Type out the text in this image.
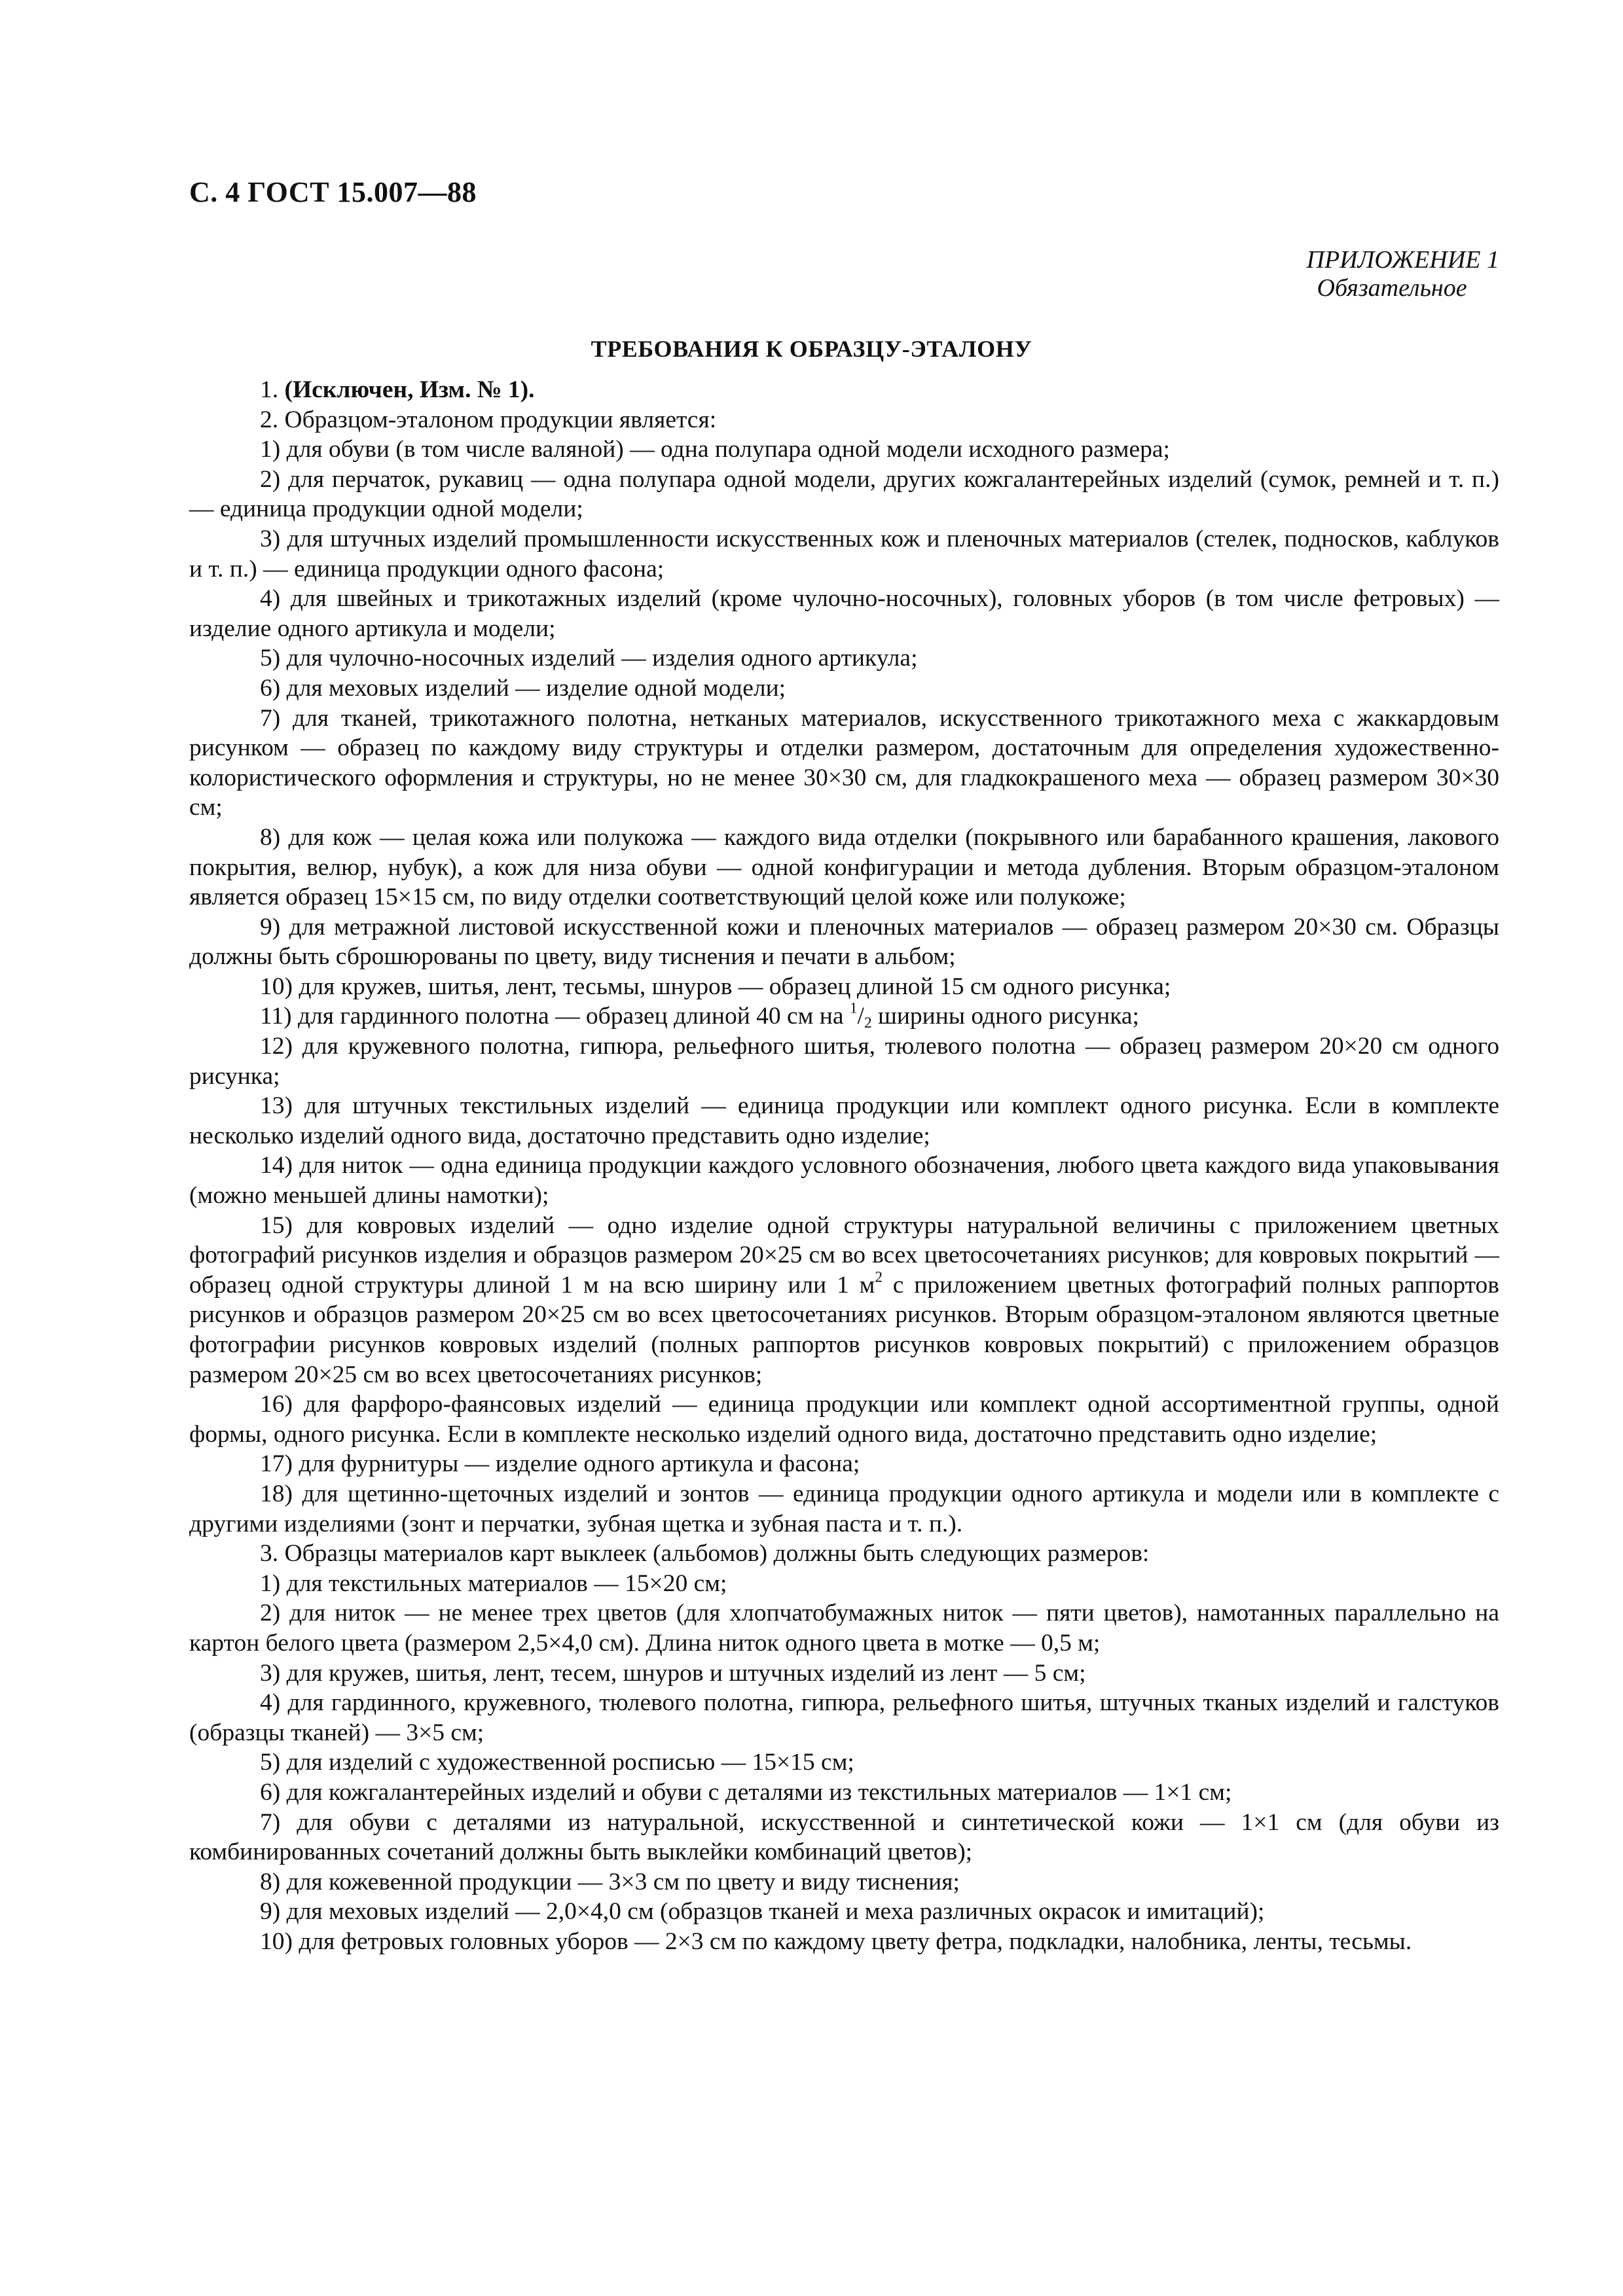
С. 4 ГОСТ 15.007—88
ПРИЛОЖЕНИЕ 1
Обязательное
ТРЕБОВАНИЯ К ОБРАЗЦУ-ЭТАЛОНУ

1. (Исключен, Изм. № 1).

2. Образцом-эталоном продукции является:

1) для обуви (в том числе валяной) — одна полупара одной модели исходного размера;

2) для перчаток, рукавиц — одна полупара одной модели, других кожгалантерейных изделий (сумок, ремней и т. п.) — единица продукции одной модели;

3) для штучных изделий промышленности искусственных кож и пленочных материалов (стелек, подносков, каблуков и т. п.) — единица продукции одного фасона;

4) для швейных и трикотажных изделий (кроме чулочно-носочных), головных уборов (в том числе фетровых) — изделие одного артикула и модели;

5) для чулочно-носочных изделий — изделия одного артикула;

6) для меховых изделий — изделие одной модели;

7) для тканей, трикотажного полотна, нетканых материалов, искусственного трикотажного меха с жаккардовым рисунком — образец по каждому виду структуры и отделки размером, достаточным для определения художественно-колористического оформления и структуры, но не менее 30×30 см, для гладкокрашеного меха — образец размером 30×30 см;

8) для кож — целая кожа или полукожа — каждого вида отделки (покрывного или барабанного крашения, лакового покрытия, велюр, нубук), а кож для низа обуви — одной конфигурации и метода дубления. Вторым образцом-эталоном является образец 15×15 см, по виду отделки соответствующий целой коже или полукоже;

9) для метражной листовой искусственной кожи и пленочных материалов — образец размером 20×30 см. Образцы должны быть сброшюрованы по цвету, виду тиснения и печати в альбом;

10) для кружев, шитья, лент, тесьмы, шнуров — образец длиной 15 см одного рисунка;

11) для гардинного полотна — образец длиной 40 см на $^1/_2$ ширины одного рисунка;

12) для кружевного полотна, гипюра, рельефного шитья, тюлевого полотна — образец размером 20×20 см одного рисунка;

13) для штучных текстильных изделий — единица продукции или комплект одного рисунка. Если в комплекте несколько изделий одного вида, достаточно представить одно изделие;

14) для ниток — одна единица продукции каждого условного обозначения, любого цвета каждого вида упаковывания (можно меньшей длины намотки);

15) для ковровых изделий — одно изделие одной структуры натуральной величины с приложением цветных фотографий рисунков изделия и образцов размером 20×25 см во всех цветосочетаниях рисунков; для ковровых покрытий — образец одной структуры длиной 1 м на всю ширину или 1 $м^2$ с приложением цветных фотографий полных раппортов рисунков и образцов размером 20×25 см во всех цветосочетаниях рисунков. Вторым образцом-эталоном являются цветные фотографии рисунков ковровых изделий (полных раппортов рисунков ковровых покрытий) с приложением образцов размером 20×25 см во всех цветосочетаниях рисунков;

16) для фарфоро-фаянсовых изделий — единица продукции или комплект одной ассортиментной группы, одной формы, одного рисунка. Если в комплекте несколько изделий одного вида, достаточно представить одно изделие;

17) для фурнитуры — изделие одного артикула и фасона;

18) для щетинно-щеточных изделий и зонтов — единица продукции одного артикула и модели или в комплекте с другими изделиями (зонт и перчатки, зубная щетка и зубная паста и т. п.).

3. Образцы материалов карт выклеек (альбомов) должны быть следующих размеров:

1) для текстильных материалов — 15×20 см;

2) для ниток — не менее трех цветов (для хлопчатобумажных ниток — пяти цветов), намотанных параллельно на картон белого цвета (размером 2,5×4,0 см). Длина ниток одного цвета в мотке — 0,5 м;

3) для кружев, шитья, лент, тесем, шнуров и штучных изделий из лент — 5 см;

4) для гардинного, кружевного, тюлевого полотна, гипюра, рельефного шитья, штучных тканых изделий и галстуков (образцы тканей) — 3×5 см;

5) для изделий с художественной росписью — 15×15 см;

6) для кожгалантерейных изделий и обуви с деталями из текстильных материалов — 1×1 см;

7) для обуви с деталями из натуральной, искусственной и синтетической кожи — 1×1 см (для обуви из комбинированных сочетаний должны быть выклейки комбинаций цветов);

8) для кожевенной продукции — 3×3 см по цвету и виду тиснения;

9) для меховых изделий — 2,0×4,0 см (образцов тканей и меха различных окрасок и имитаций);

10) для фетровых головных уборов — 2×3 см по каждому цвету фетра, подкладки, налобника, ленты, тесьмы.
